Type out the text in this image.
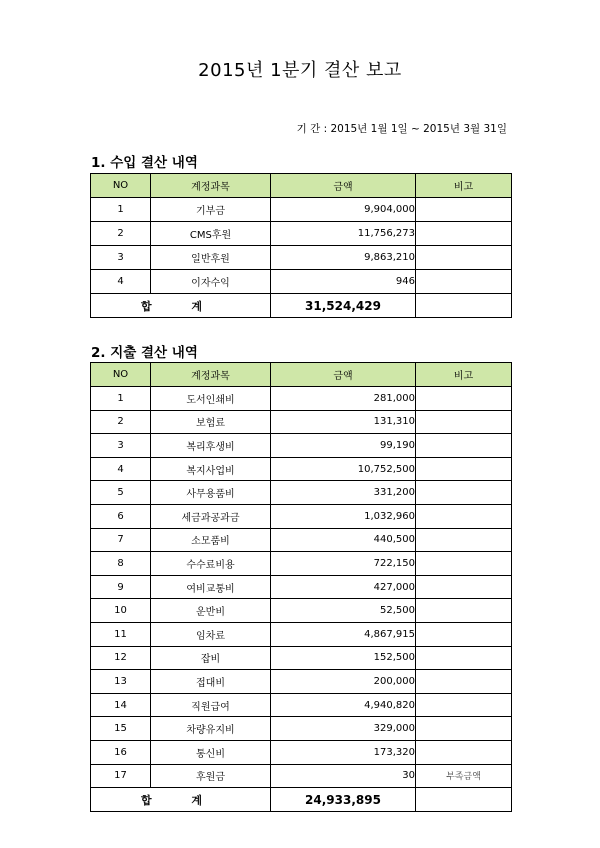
2015년 1분기 결산 보고
기 간 : 2015년 1월 1일 ~ 2015년 3월 31일
1. 수입 결산 내역
NO	계정과목	금액	비고
1	기부금	9,904,000	
2	CMS후원	11,756,273	
3	일반후원	9,863,210	
4	이자수익	946	
합 계		31,524,429	
2. 지출 결산 내역
NO	계정과목	금액	비고
1	도서인쇄비	281,000	
2	보험료	131,310	
3	복리후생비	99,190	
4	복지사업비	10,752,500	
5	사무용품비	331,200	
6	세금과공과금	1,032,960	
7	소모품비	440,500	
8	수수료비용	722,150	
9	여비교통비	427,000	
10	운반비	52,500	
11	임차료	4,867,915	
12	잡비	152,500	
13	접대비	200,000	
14	직원급여	4,940,820	
15	차량유지비	329,000	
16	통신비	173,320	
17	후원금	30	부족금액
합 계		24,933,895	
